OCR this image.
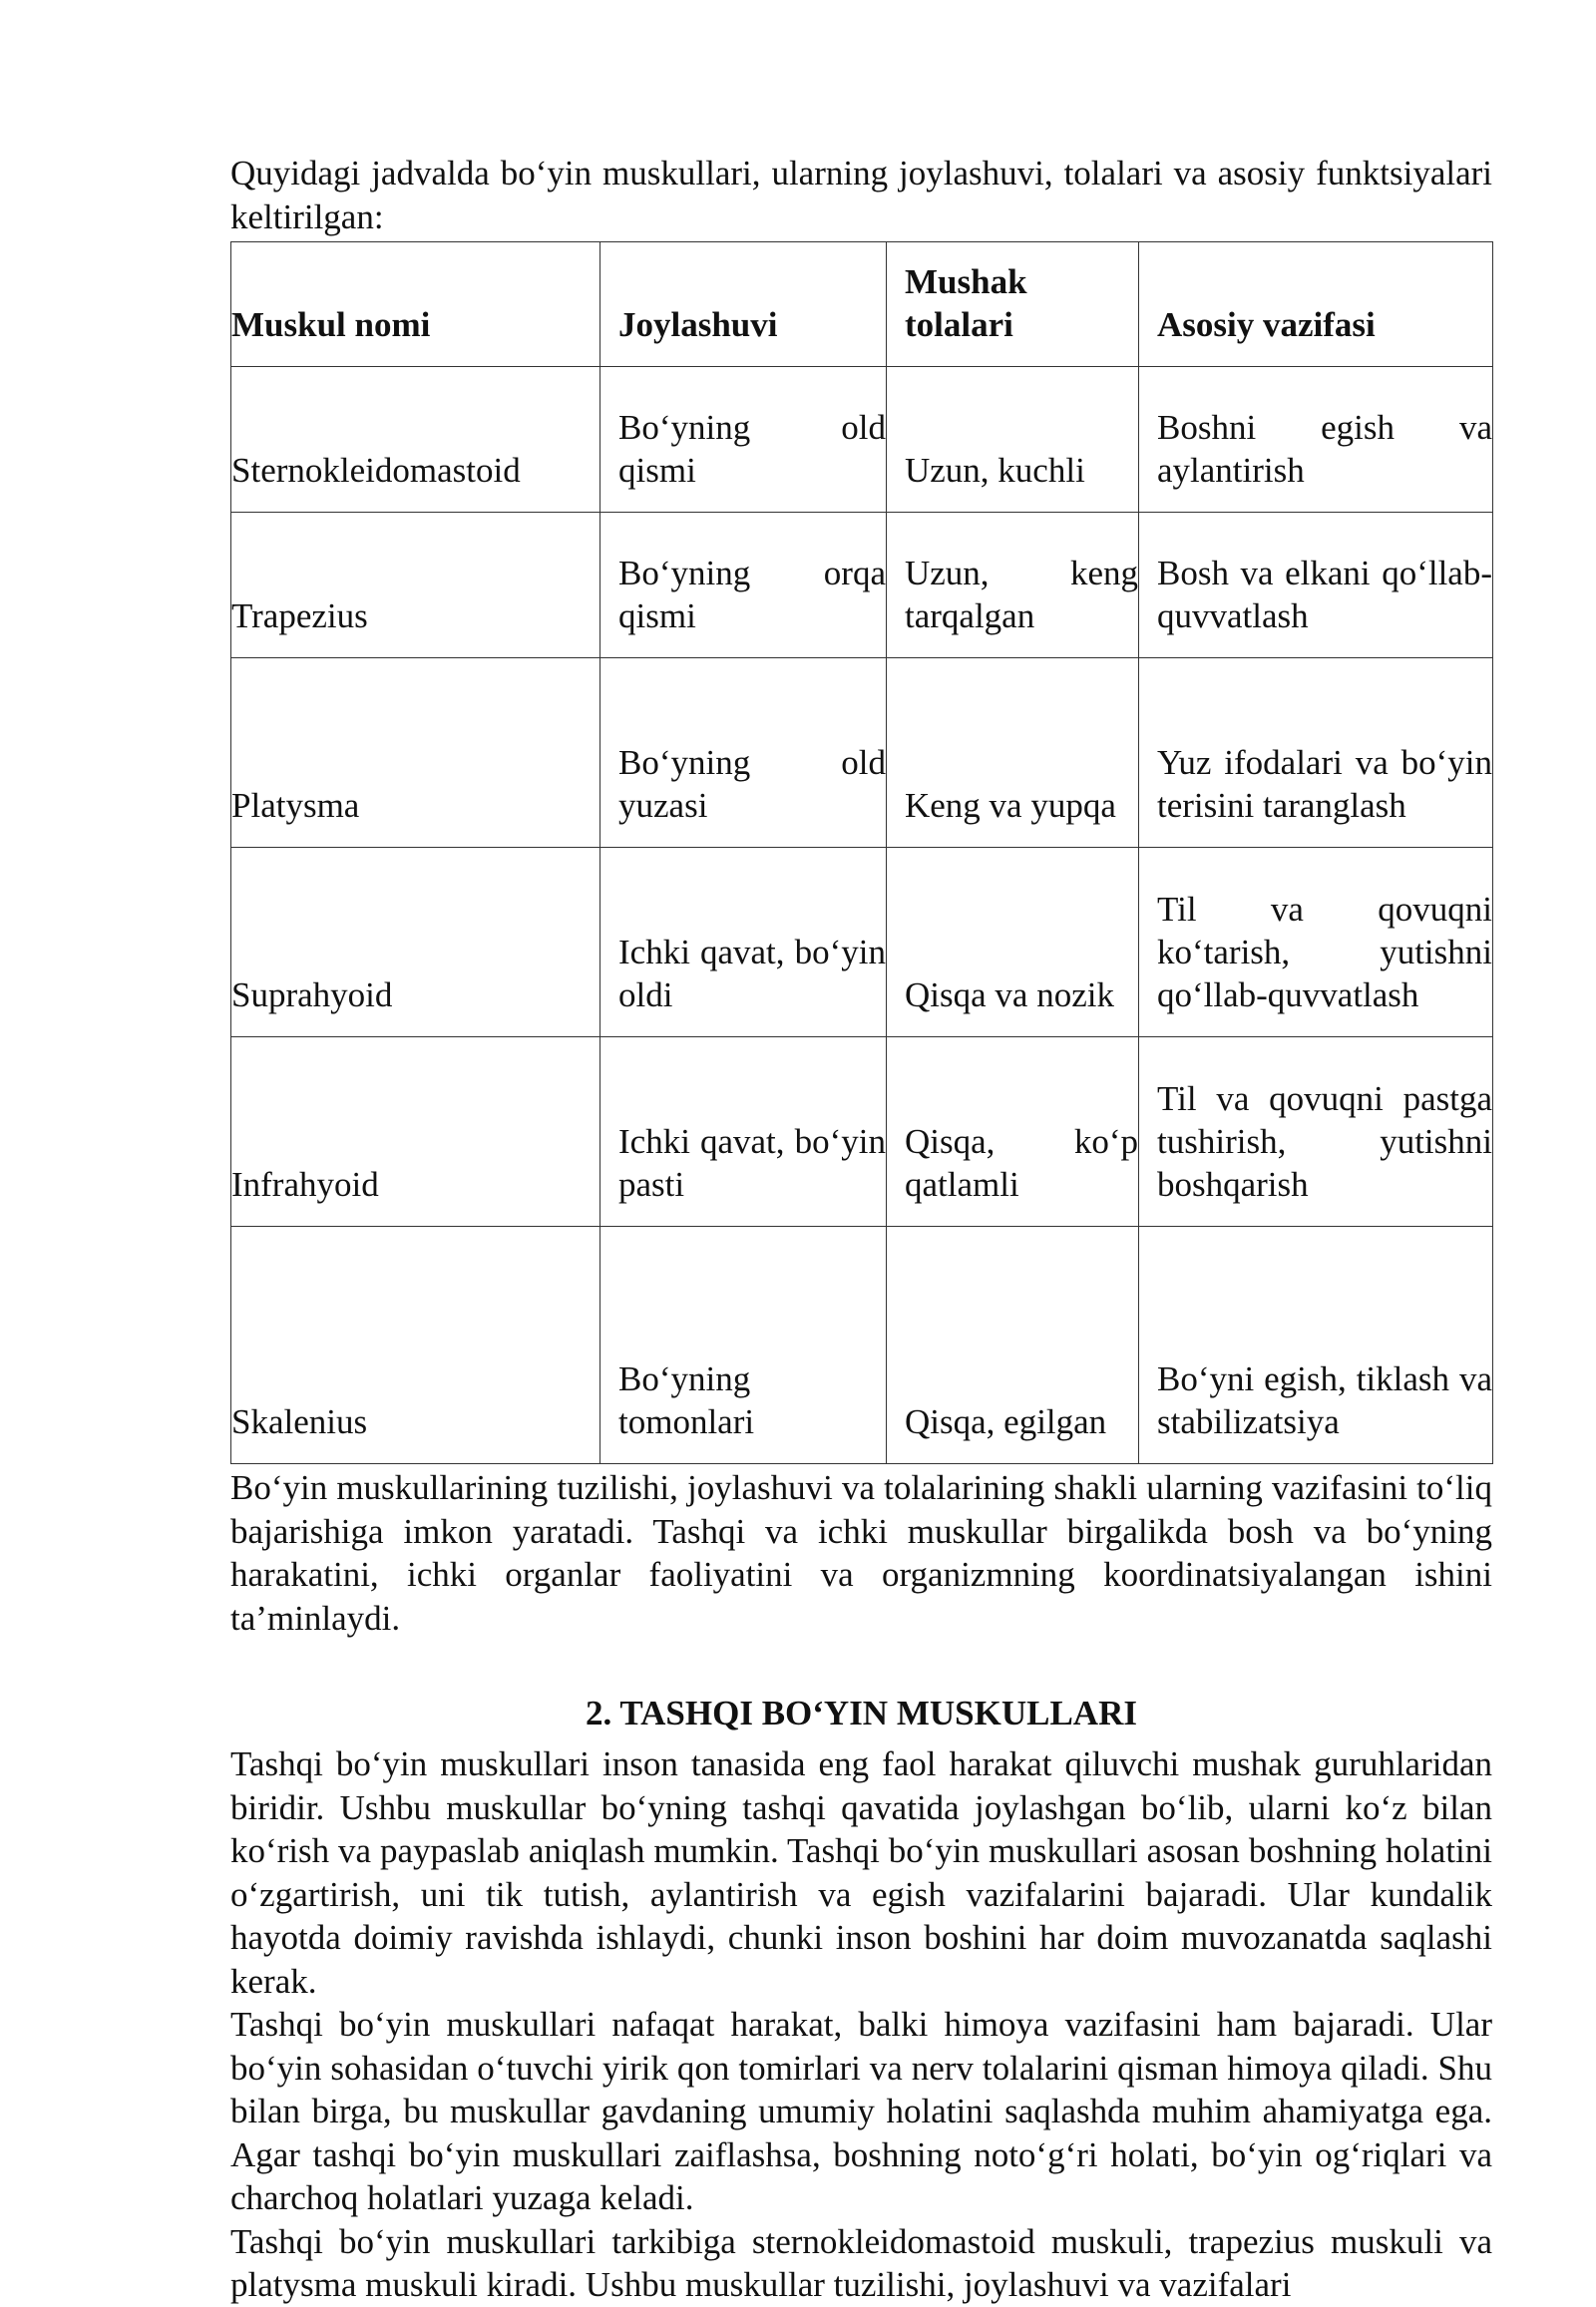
Quyidagi jadvalda bo‘yin muskullari, ularning joylashuvi, tolalari va asosiy funktsiyalari keltirilgan:

Muskul nomi	Joylashuvi	Mushak tolalari	Asosiy vazifasi
Sternokleidomastoid	Bo‘yning old qismi	Uzun, kuchli	Boshni egish va aylantirish
Trapezius	Bo‘yning orqa qismi	Uzun, keng tarqalgan	Bosh va elkani qo‘llab-quvvatlash
Platysma	Bo‘yning old yuzasi	Keng va yupqa	Yuz ifodalari va bo‘yin terisini taranglash
Suprahyoid	Ichki qavat, bo‘yin oldi	Qisqa va nozik	Til va qovuqni ko‘tarish, yutishni qo‘llab-quvvatlash
Infrahyoid	Ichki qavat, bo‘yin pasti	Qisqa, ko‘p qatlamli	Til va qovuqni pastga tushirish, yutishni boshqarish
Skalenius	Bo‘yning tomonlari	Qisqa, egilgan	Bo‘yni egish, tiklash va stabilizatsiya

Bo‘yin muskullarining tuzilishi, joylashuvi va tolalarining shakli ularning vazifasini to‘liq bajarishiga imkon yaratadi. Tashqi va ichki muskullar birgalikda bosh va bo‘yning harakatini, ichki organlar faoliyatini va organizmning koordinatsiyalangan ishini ta’minlaydi.

2. TASHQI BO‘YIN MUSKULLARI

Tashqi bo‘yin muskullari inson tanasida eng faol harakat qiluvchi mushak guruhlaridan biridir. Ushbu muskullar bo‘yning tashqi qavatida joylashgan bo‘lib, ularni ko‘z bilan ko‘rish va paypaslab aniqlash mumkin. Tashqi bo‘yin muskullari asosan boshning holatini o‘zgartirish, uni tik tutish, aylantirish va egish vazifalarini bajaradi. Ular kundalik hayotda doimiy ravishda ishlaydi, chunki inson boshini har doim muvozanatda saqlashi kerak.

Tashqi bo‘yin muskullari nafaqat harakat, balki himoya vazifasini ham bajaradi. Ular bo‘yin sohasidan o‘tuvchi yirik qon tomirlari va nerv tolalarini qisman himoya qiladi. Shu bilan birga, bu muskullar gavdaning umumiy holatini saqlashda muhim ahamiyatga ega. Agar tashqi bo‘yin muskullari zaiflashsa, boshning noto‘g‘ri holati, bo‘yin og‘riqlari va charchoq holatlari yuzaga keladi.

Tashqi bo‘yin muskullari tarkibiga sternokleidomastoid muskuli, trapezius muskuli va platysma muskuli kiradi. Ushbu muskullar tuzilishi, joylashuvi va vazifalari
